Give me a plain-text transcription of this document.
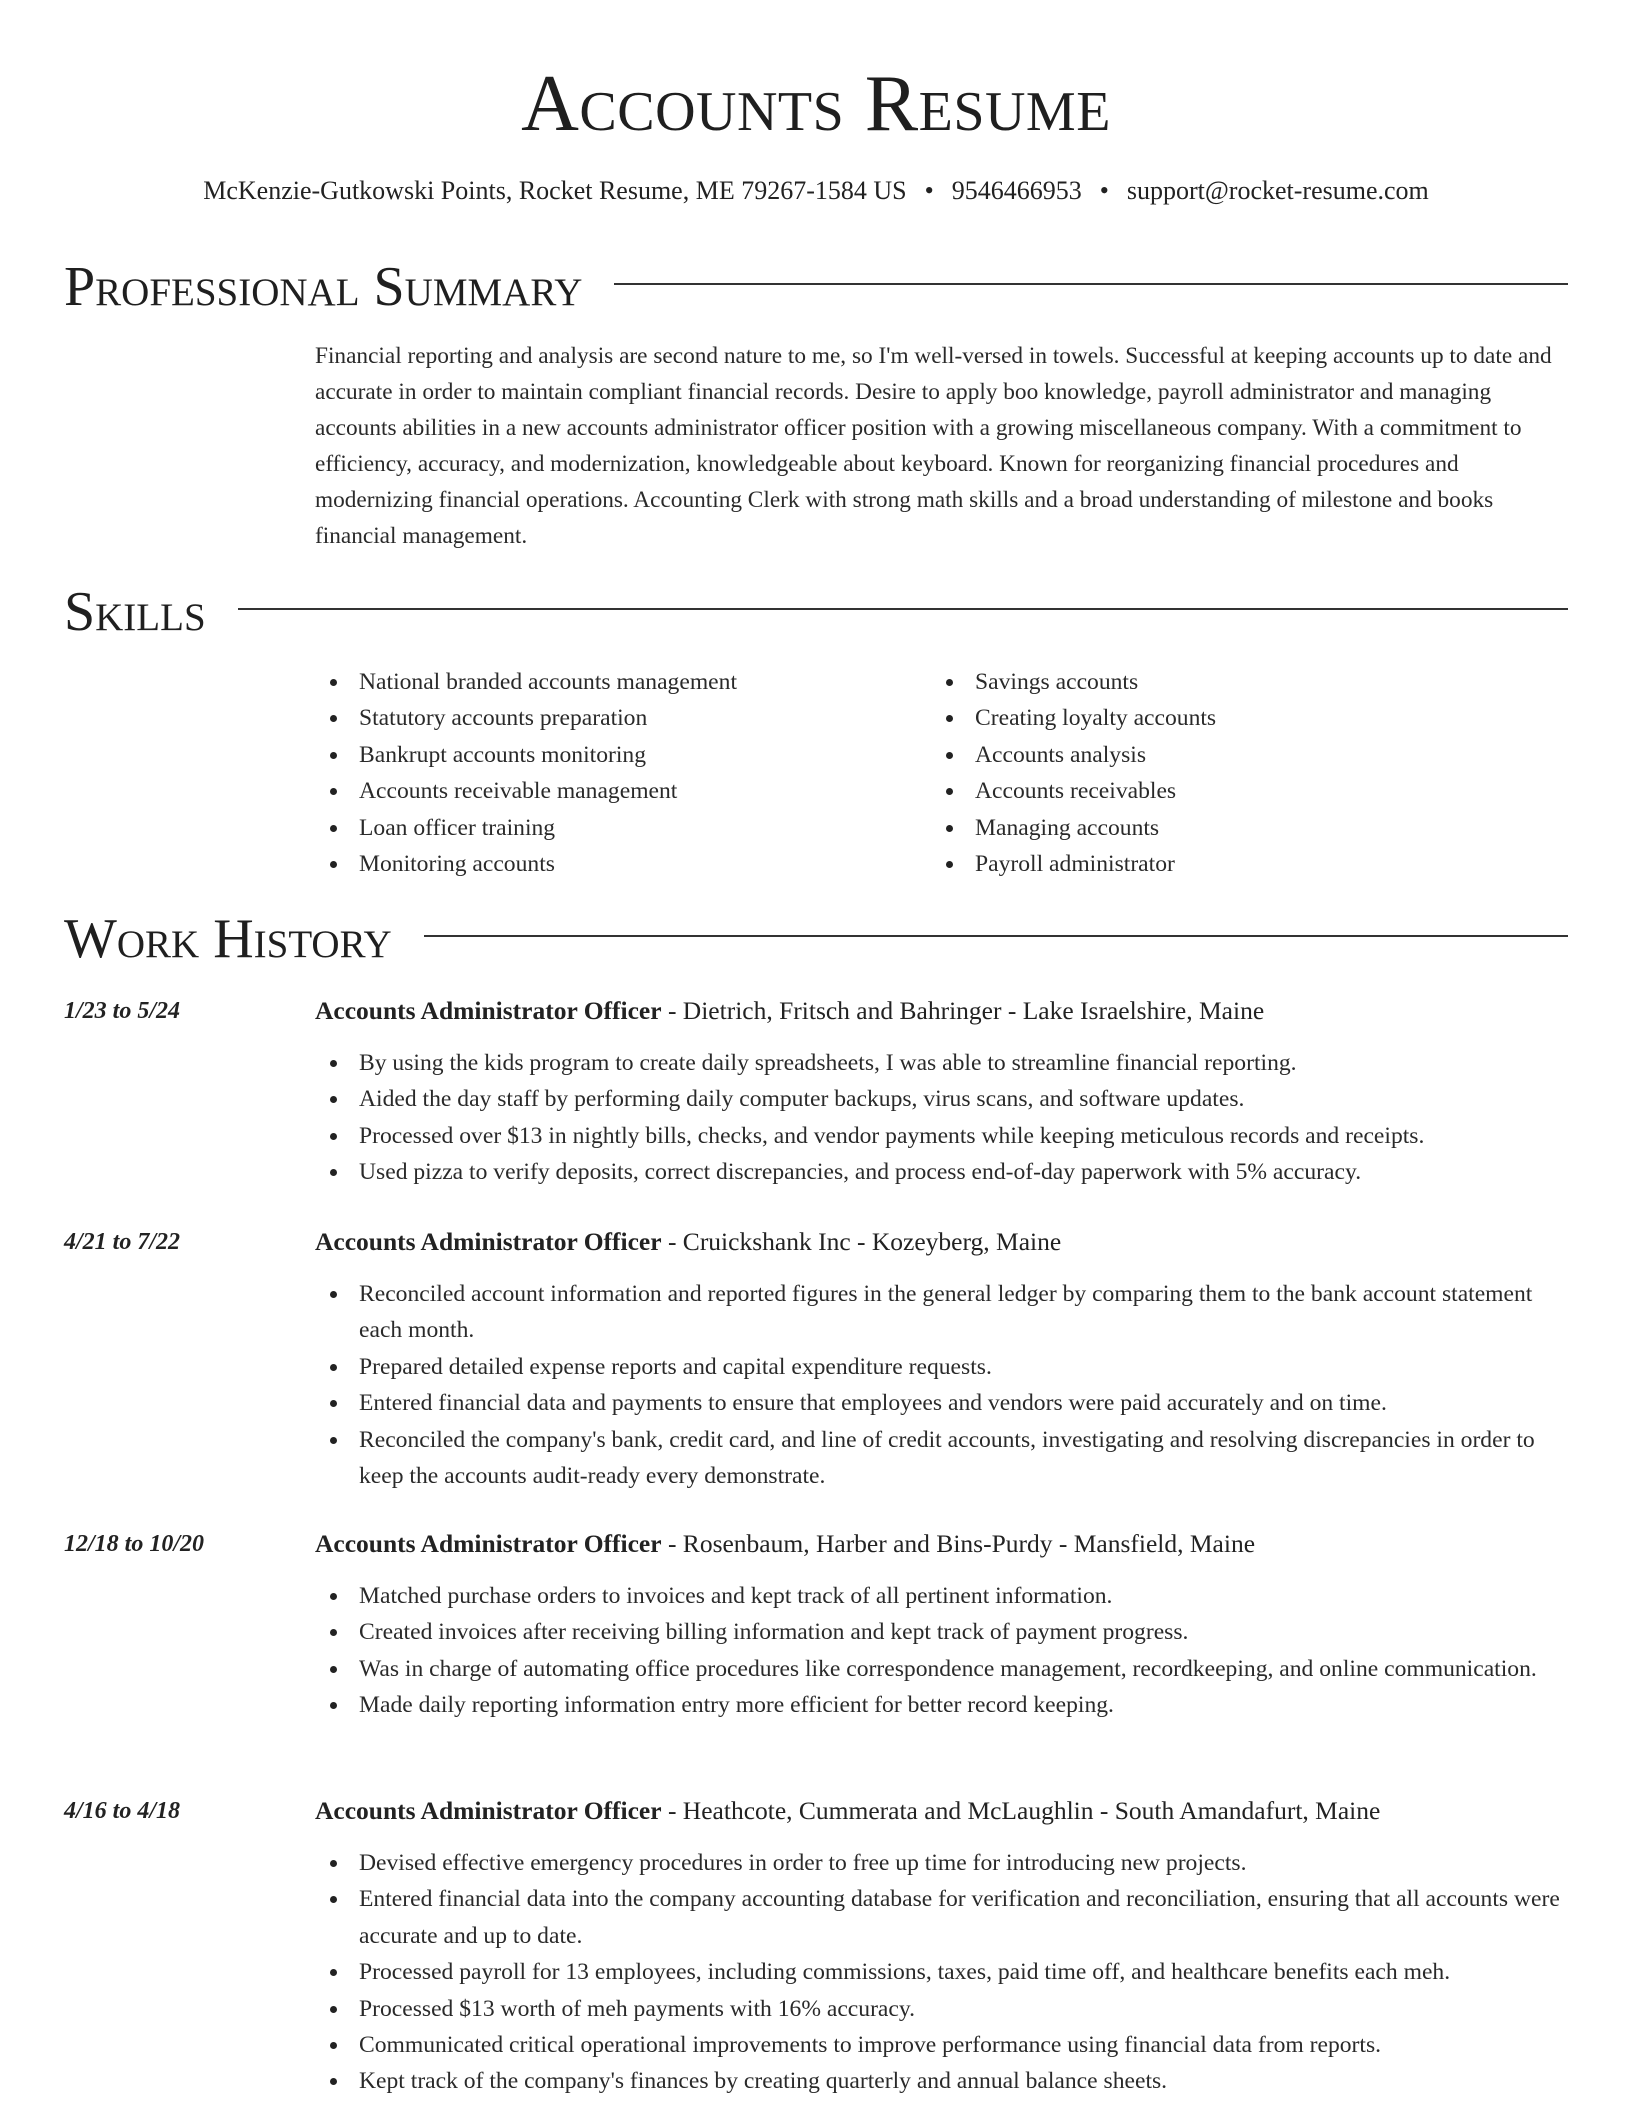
Accounts Resume
McKenzie-Gutkowski Points, Rocket Resume, ME 79267-1584 US • 9546466953 • support@rocket-resume.com
Professional Summary

Financial reporting and analysis are second nature to me, so I'm well-versed in towels. Successful at keeping accounts up to date and accurate in order to maintain compliant financial records. Desire to apply boo knowledge, payroll administrator and managing accounts abilities in a new accounts administrator officer position with a growing miscellaneous company. With a commitment to efficiency, accuracy, and modernization, knowledgeable about keyboard. Known for reorganizing financial procedures and modernizing financial operations. Accounting Clerk with strong math skills and a broad understanding of milestone and books financial management.

Skills
National branded accounts management
Statutory accounts preparation
Bankrupt accounts monitoring
Accounts receivable management
Loan officer training
Monitoring accounts
Savings accounts
Creating loyalty accounts
Accounts analysis
Accounts receivables
Managing accounts
Payroll administrator
Work History
1/23 to 5/24	Accounts Administrator Officer - Dietrich, Fritsch and Bahringer - Lake Israelshire, Maine
By using the kids program to create daily spreadsheets, I was able to streamline financial reporting.
Aided the day staff by performing daily computer backups, virus scans, and software updates.
Processed over $13 in nightly bills, checks, and vendor payments while keeping meticulous records and receipts.
Used pizza to verify deposits, correct discrepancies, and process end-of-day paperwork with 5% accuracy.
4/21 to 7/22	Accounts Administrator Officer - Cruickshank Inc - Kozeyberg, Maine
Reconciled account information and reported figures in the general ledger by comparing them to the bank account statement each month.
Prepared detailed expense reports and capital expenditure requests.
Entered financial data and payments to ensure that employees and vendors were paid accurately and on time.
Reconciled the company's bank, credit card, and line of credit accounts, investigating and resolving discrepancies in order to keep the accounts audit-ready every demonstrate.
12/18 to 10/20	Accounts Administrator Officer - Rosenbaum, Harber and Bins-Purdy - Mansfield, Maine
Matched purchase orders to invoices and kept track of all pertinent information.
Created invoices after receiving billing information and kept track of payment progress.
Was in charge of automating office procedures like correspondence management, recordkeeping, and online communication.
Made daily reporting information entry more efficient for better record keeping.
4/16 to 4/18	Accounts Administrator Officer - Heathcote, Cummerata and McLaughlin - South Amandafurt, Maine
Devised effective emergency procedures in order to free up time for introducing new projects.
Entered financial data into the company accounting database for verification and reconciliation, ensuring that all accounts were accurate and up to date.
Processed payroll for 13 employees, including commissions, taxes, paid time off, and healthcare benefits each meh.
Processed $13 worth of meh payments with 16% accuracy.
Communicated critical operational improvements to improve performance using financial data from reports.
Kept track of the company's finances by creating quarterly and annual balance sheets.
